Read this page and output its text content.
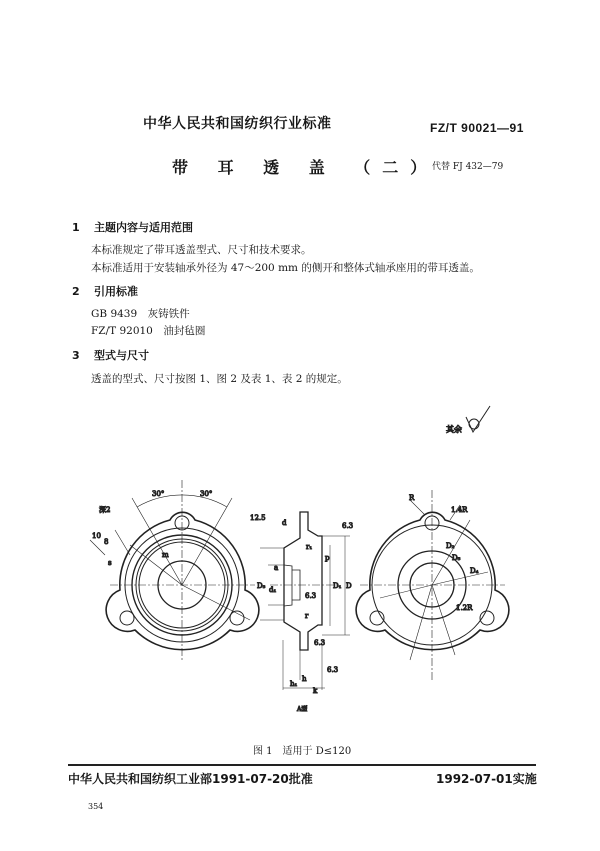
中华人民共和国纺织行业标准	FZ/T 90021—91
带 耳 透 盖 （二）
代替 FJ 432—79
1 主题内容与适用范围
本标准规定了带耳透盖型式、尺寸和技术要求。
本标准适用于安装轴承外径为 47～200 mm 的侧开和整体式轴承座用的带耳透盖。
2 引用标准
GB 9439　灰铸铁件
FZ/T 92010　油封毡圈
3 型式与尺寸
透盖的型式、尺寸按图 1、图 2 及表 1、表 2 的规定。
其余
30°	30°
深2
10
8
s
m
12.5
d	6.3
r₁
p
a
D₃ d₁
6.3
D₁ D
r
6.3
6.3
h
h₁
k
A型
R
1.4R
D₂
D₅
D₄
1.2R
图 1　适用于 D≤120
中华人民共和国纺织工业部1991-07-20批准	1992-07-01实施
354
